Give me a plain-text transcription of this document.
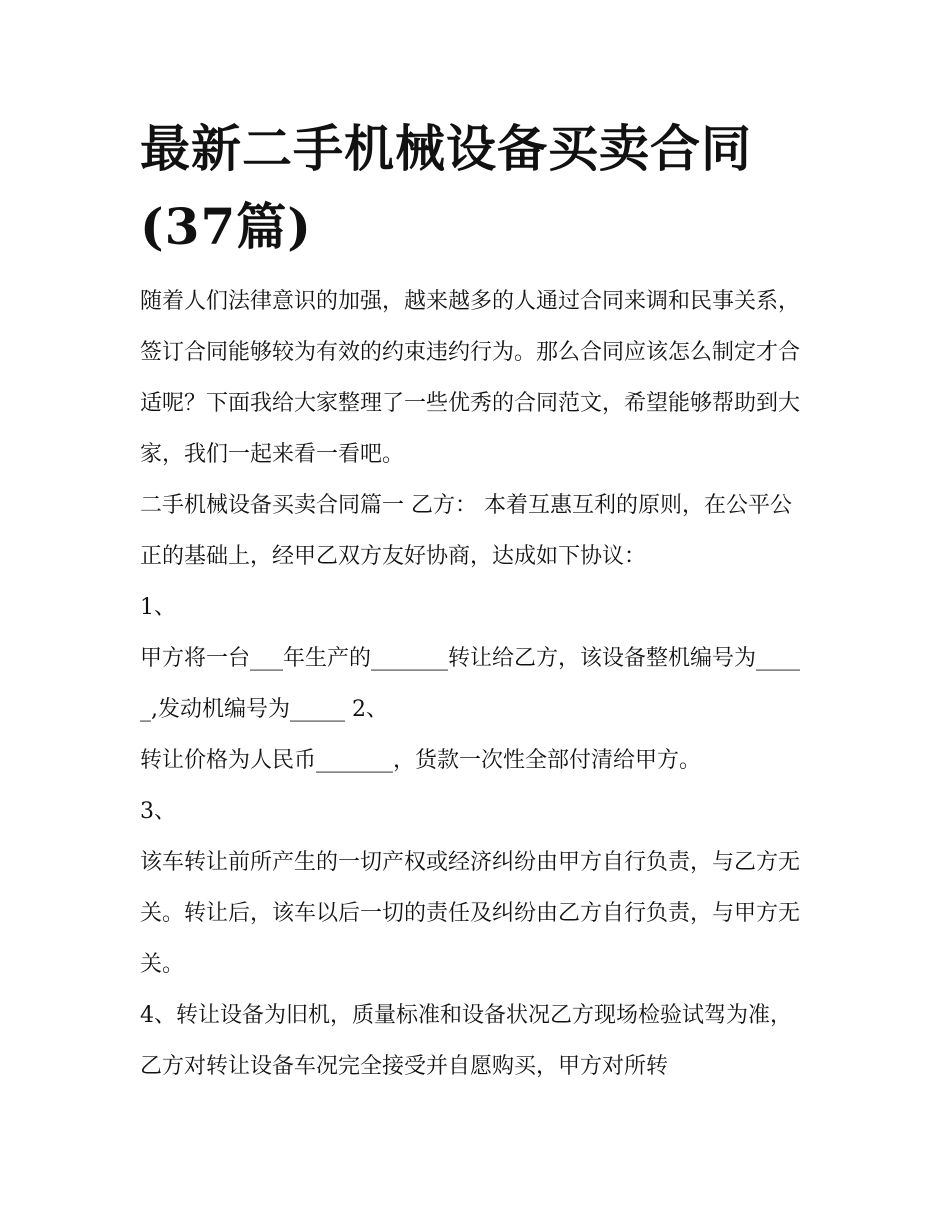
最新二手机械设备买卖合同(37篇)

随着人们法律意识的加强，越来越多的人通过合同来调和民事关系，签订合同能够较为有效的约束违约行为。那么合同应该怎么制定才合适呢？下面我给大家整理了一些优秀的合同范文，希望能够帮助到大家，我们一起来看一看吧。

二手机械设备买卖合同篇一 乙方： 本着互惠互利的原则，在公平公正的基础上，经甲乙双方友好协商，达成如下协议：

1、

甲方将一台___年生产的_______转让给乙方，该设备整机编号为_____,发动机编号为_____ 2、

转让价格为人民币_______，货款一次性全部付清给甲方。

3、

该车转让前所产生的一切产权或经济纠纷由甲方自行负责，与乙方无关。转让后，该车以后一切的责任及纠纷由乙方自行负责，与甲方无关。

4、转让设备为旧机，质量标准和设备状况乙方现场检验试驾为准，乙方对转让设备车况完全接受并自愿购买，甲方对所转
